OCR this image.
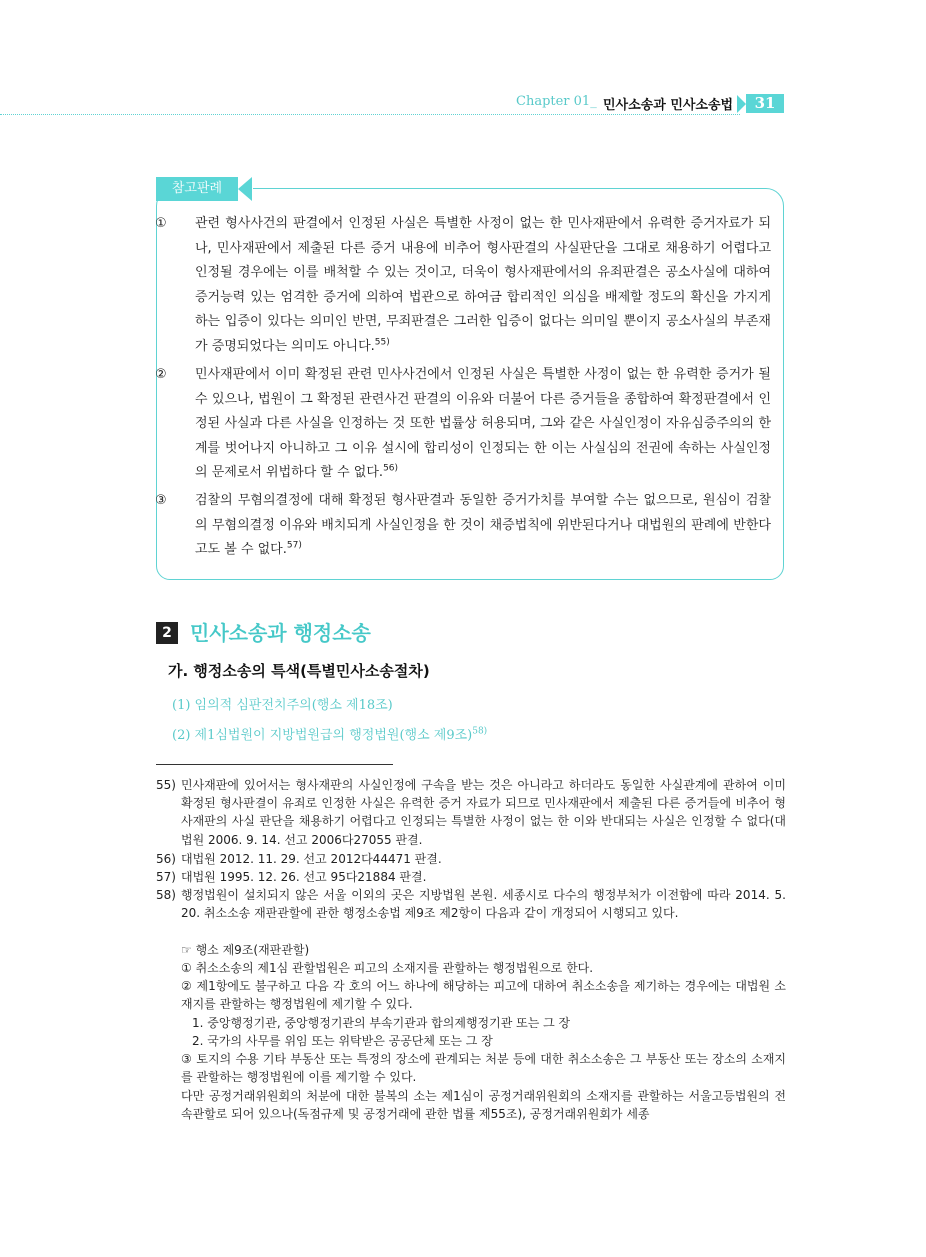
Chapter 01_ 민사소송과 민사소송법	31
참고판례
① 관련 형사사건의 판결에서 인정된 사실은 특별한 사정이 없는 한 민사재판에서 유력한 증거자료가 되나, 민사재판에서 제출된 다른 증거 내용에 비추어 형사판결의 사실판단을 그대로 채용하기 어렵다고 인정될 경우에는 이를 배척할 수 있는 것이고, 더욱이 형사재판에서의 유죄판결은 공소사실에 대하여 증거능력 있는 엄격한 증거에 의하여 법관으로 하여금 합리적인 의심을 배제할 정도의 확신을 가지게 하는 입증이 있다는 의미인 반면, 무죄판결은 그러한 입증이 없다는 의미일 뿐이지 공소사실의 부존재가 증명되었다는 의미도 아니다.$^{55)}$
② 민사재판에서 이미 확정된 관련 민사사건에서 인정된 사실은 특별한 사정이 없는 한 유력한 증거가 될 수 있으나, 법원이 그 확정된 관련사건 판결의 이유와 더불어 다른 증거들을 종합하여 확정판결에서 인정된 사실과 다른 사실을 인정하는 것 또한 법률상 허용되며, 그와 같은 사실인정이 자유심증주의의 한계를 벗어나지 아니하고 그 이유 설시에 합리성이 인정되는 한 이는 사실심의 전권에 속하는 사실인정의 문제로서 위법하다 할 수 없다.$^{56)}$
③ 검찰의 무혐의결정에 대해 확정된 형사판결과 동일한 증거가치를 부여할 수는 없으므로, 원심이 검찰의 무혐의결정 이유와 배치되게 사실인정을 한 것이 채증법칙에 위반된다거나 대법원의 판례에 반한다고도 볼 수 없다.$^{57)}$
2 민사소송과 행정소송
가. 행정소송의 특색(특별민사소송절차)
(1) 임의적 심판전치주의(행소 제18조)
(2) 제1심법원이 지방법원급의 행정법원(행소 제9조)$^{58)}$
55) 민사재판에 있어서는 형사재판의 사실인정에 구속을 받는 것은 아니라고 하더라도 동일한 사실관계에 관하여 이미 확정된 형사판결이 유죄로 인정한 사실은 유력한 증거 자료가 되므로 민사재판에서 제출된 다른 증거들에 비추어 형사재판의 사실 판단을 채용하기 어렵다고 인정되는 특별한 사정이 없는 한 이와 반대되는 사실은 인정할 수 없다(대법원 2006. 9. 14. 선고 2006다27055 판결.
56) 대법원 2012. 11. 29. 선고 2012다44471 판결.
57) 대법원 1995. 12. 26. 선고 95다21884 판결.
58) 행정법원이 설치되지 않은 서울 이외의 곳은 지방법원 본원. 세종시로 다수의 행정부처가 이전함에 따라 2014. 5. 20. 취소소송 재판관할에 관한 행정소송법 제9조 제2항이 다음과 같이 개정되어 시행되고 있다.
☞ 행소 제9조(재판관할)
① 취소소송의 제1심 관할법원은 피고의 소재지를 관할하는 행정법원으로 한다.
② 제1항에도 불구하고 다음 각 호의 어느 하나에 해당하는 피고에 대하여 취소소송을 제기하는 경우에는 대법원 소재지를 관할하는 행정법원에 제기할 수 있다.
1. 중앙행정기관, 중앙행정기관의 부속기관과 합의제행정기관 또는 그 장
2. 국가의 사무를 위임 또는 위탁받은 공공단체 또는 그 장
③ 토지의 수용 기타 부동산 또는 특정의 장소에 관계되는 처분 등에 대한 취소소송은 그 부동산 또는 장소의 소재지를 관할하는 행정법원에 이를 제기할 수 있다.
다만 공정거래위원회의 처분에 대한 불복의 소는 제1심이 공정거래위원회의 소재지를 관할하는 서울고등법원의 전속관할로 되어 있으나(독점규제 및 공정거래에 관한 법률 제55조), 공정거래위원회가 세종
